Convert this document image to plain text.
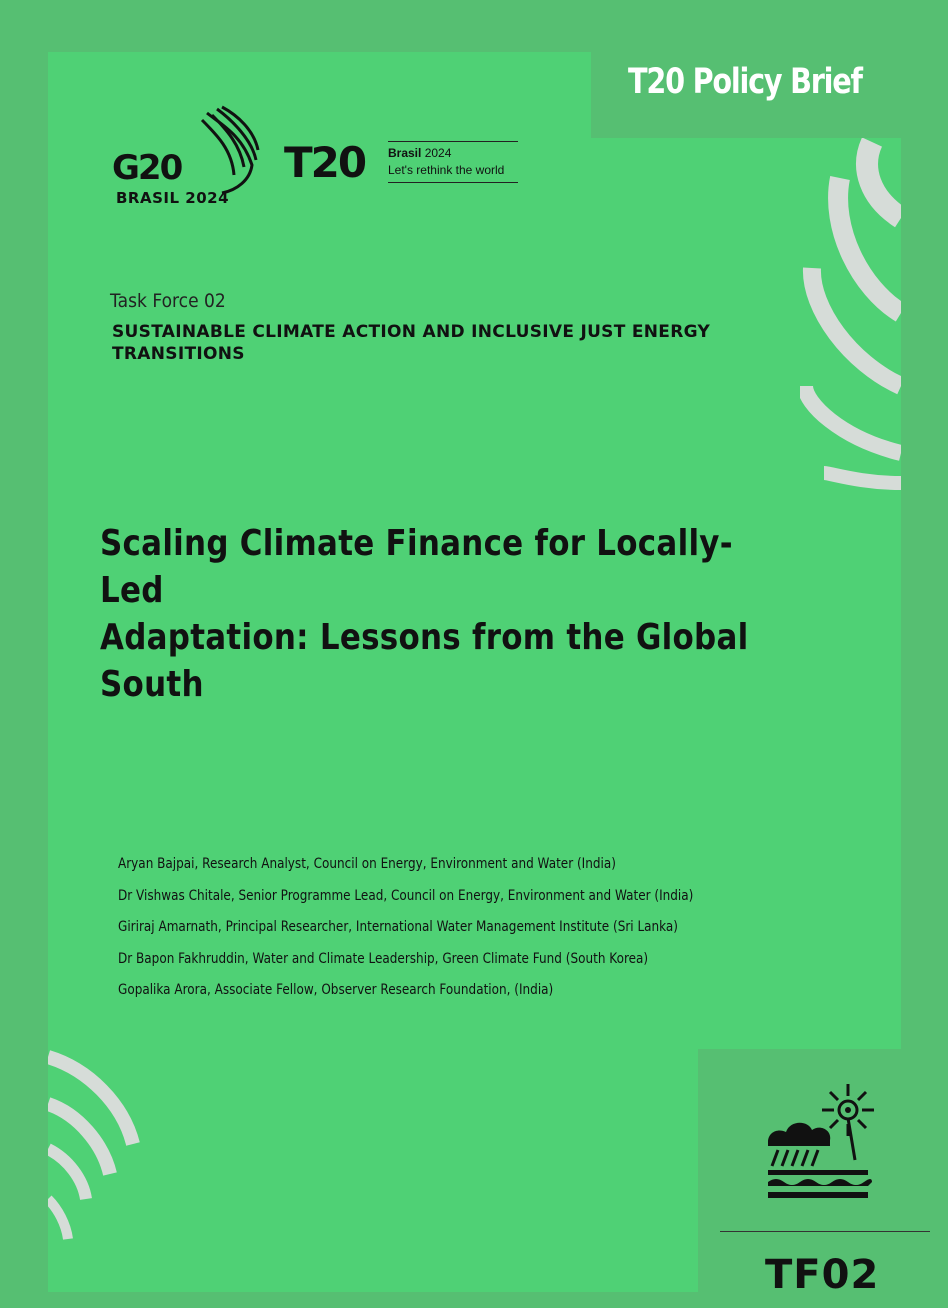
T20 Policy Brief
G20
BRASIL 2024
T20 Brasil 2024
Let's rethink the world
Task Force 02
SUSTAINABLE CLIMATE ACTION AND INCLUSIVE JUST ENERGY TRANSITIONS
Scaling Climate Finance for Locally-Led
Adaptation: Lessons from the Global South
Aryan Bajpai, Research Analyst, Council on Energy, Environment and Water (India)
Dr Vishwas Chitale, Senior Programme Lead, Council on Energy, Environment and Water (India)
Giriraj Amarnath, Principal Researcher, International Water Management Institute (Sri Lanka)
Dr Bapon Fakhruddin, Water and Climate Leadership, Green Climate Fund (South Korea)
Gopalika Arora, Associate Fellow, Observer Research Foundation, (India)
TF02
